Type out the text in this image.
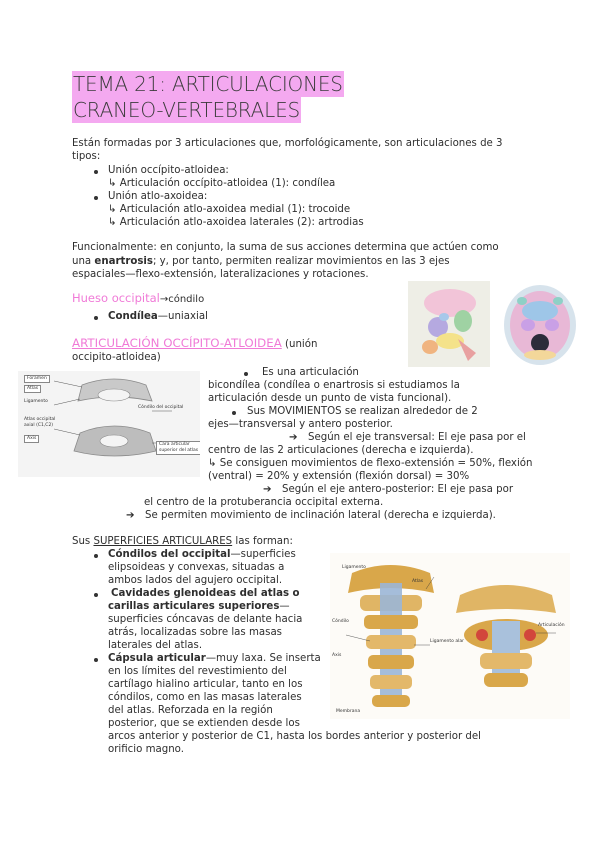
TEMA 21: ARTICULACIONES
CRANEO-VERTEBRALES
Están formadas por 3 articulaciones que, morfológicamente, son articulaciones de 3
tipos:
Unión occípito-atloidea:
↳ Articulación occípito-atloidea (1): condílea
Unión atlo-axoidea:
↳ Articulación atlo-axoidea medial (1): trocoide
↳ Articulación atlo-axoidea laterales (2): artrodias
Funcionalmente: en conjunto, la suma de sus acciones determina que actúen como
una enartrosis; y, por tanto, permiten realizar movimientos en las 3 ejes
espaciales—flexo-extensión, lateralizaciones y rotaciones.
Hueso occipital→cóndilo
Condílea—uniaxial
ARTICULACIÓN OCCÍPITO-ATLOIDEA (unión
occipito-atloidea)
Foramen
Atlas
Ligamento
Atlas occipital
axial (C1,C2)
Axis
Cóndilo del occipital
Cara articular superior del atlas
Es una articulación
bicondílea (condílea o enartrosis si estudiamos la
articulación desde un punto de vista funcional).
Sus MOVIMIENTOS se realizan alrededor de 2
ejes—transversal y antero posterior.
➔ Según el eje transversal: El eje pasa por el
centro de las 2 articulaciones (derecha e izquierda).
↳ Se consiguen movimientos de flexo-extensión = 50%, flexión
(ventral) = 20% y extensión (flexión dorsal) = 30%
➔ Según el eje antero-posterior: El eje pasa por
el centro de la protuberancia occipital externa.
➔ Se permiten movimiento de inclinación lateral (derecha e izquierda).
Sus SUPERFICIES ARTICULARES las forman:
Cóndilos del occipital—superficies
elipsoideas y convexas, situadas a
ambos lados del agujero occipital.
Cavidades glenoideas del atlas o
carillas articulares superiores—
superficies cóncavas de delante hacia
atrás, localizadas sobre las masas
laterales del atlas.
Cápsula articular—muy laxa. Se inserta
en los límites del revestimiento del
cartílago hialino articular, tanto en los
cóndilos, como en las masas laterales
del atlas. Reforzada en la región
posterior, que se extienden desde los
arcos anterior y posterior de C1, hasta los bordes anterior y posterior del
orificio magno.
Ligamento
Atlas
Cóndilo
Axis
Ligamento alar
Articulación
Membrana
